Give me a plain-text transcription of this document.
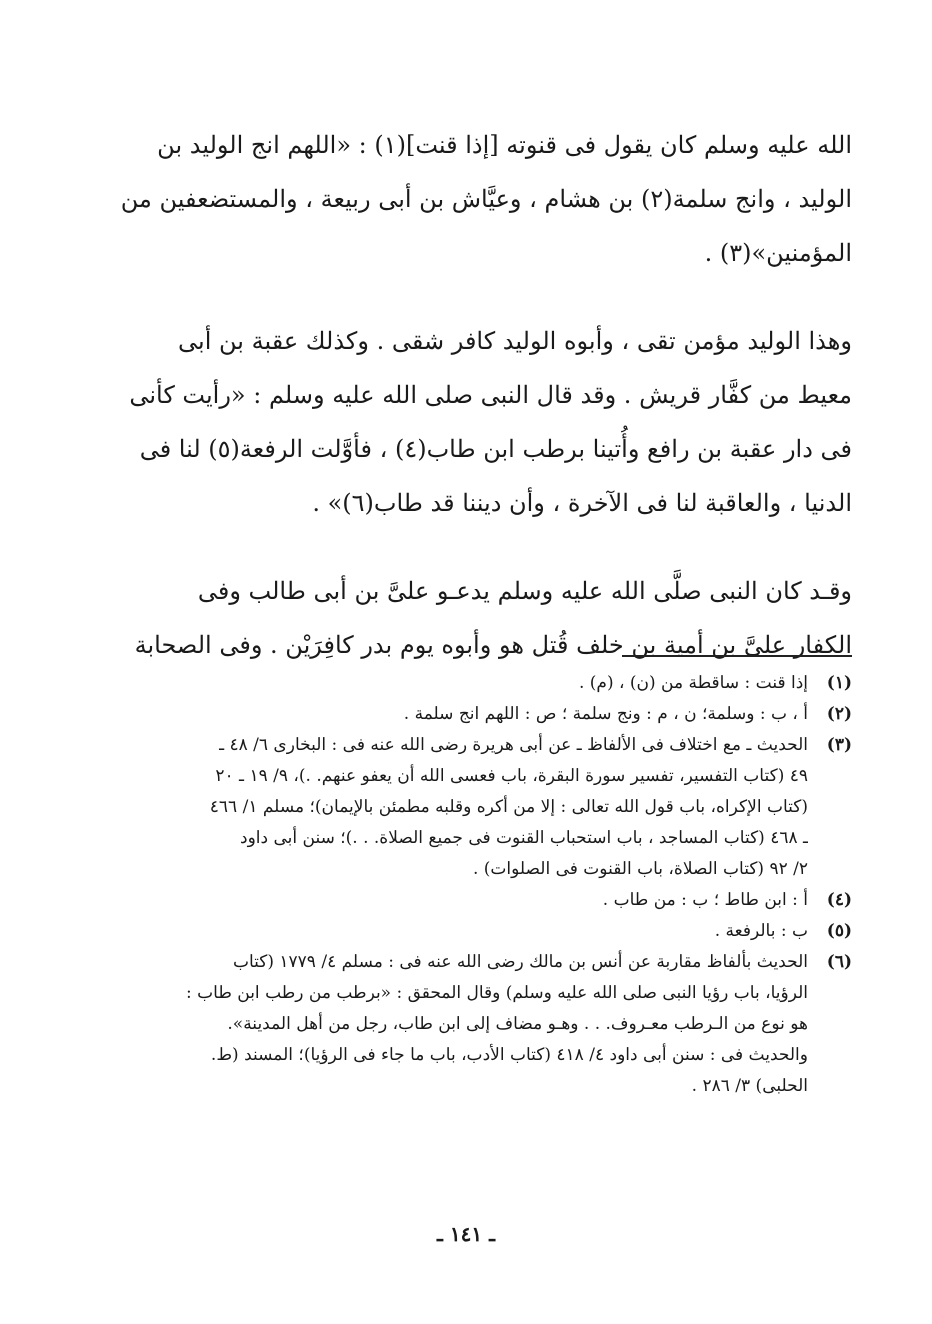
الله عليه وسلم كان يقول فى قنوته [إذا قنت](١) : «اللهم انج الوليد بن

الوليد ، وانج سلمة(٢) بن هشام ، وعيَّاش بن أبى ربيعة ، والمستضعفين من

المؤمنين»(٣) .

وهذا الوليد مؤمن تقى ، وأبوه الوليد كافر شقى . وكذلك عقبة بن أبى

معيط من كفَّار قريش . وقد قال النبى صلى الله عليه وسلم : «رأيت كأنى

فى دار عقبة بن رافع وأُتينا برطب ابن طاب(٤) ، فأوَّلت الرفعة(٥) لنا فى

الدنيا ، والعاقبة لنا فى الآخرة ، وأن ديننا قد طاب(٦)» .

وقـد كان النبى صلَّى الله عليه وسلم يدعـو علىَّ بن أبى طالب وفى

الكفار علىَّ بن أمية بن خلف قُتل هو وأبوه يوم بدر كافِرَيْن . وفى الصحابة

(١)
إذا قنت : ساقطة من (ن) ، (م) .
(٢)
أ ، ب : وسلمة؛ ن ، م : ونج سلمة ؛ ص : اللهم انج سلمة .
(٣)
الحديث ـ مع اختلاف فى الألفاظ ـ عن أبى هريرة رضى الله عنه فى : البخارى ٦/ ٤٨ ـ
٤٩ (كتاب التفسير، تفسير سورة البقرة، باب فعسى الله أن يعفو عنهم. .)، ٩/ ١٩ ـ ٢٠
(كتاب الإكراه، باب قول الله تعالى : إلا من أكره وقلبه مطمئن بالإيمان)؛ مسلم ١/ ٤٦٦
ـ ٤٦٨ (كتاب المساجد ، باب استحباب القنوت فى جميع الصلاة. . .)؛ سنن أبى داود
٢/ ٩٢ (كتاب الصلاة، باب القنوت فى الصلوات) .
(٤)
أ : ابن طاط ؛ ب : من طاب .
(٥)
ب : بالرفعة .
(٦)
الحديث بألفاظ مقاربة عن أنس بن مالك رضى الله عنه فى : مسلم ٤/ ١٧٧٩ (كتاب
الرؤيا، باب رؤيا النبى صلى الله عليه وسلم) وقال المحقق : «برطب من رطب ابن طاب :
هو نوع من الـرطب معـروف. . . وهـو مضاف إلى ابن طاب، رجل من أهل المدينة».
والحديث فى : سنن أبى داود ٤/ ٤١٨ (كتاب الأدب، باب ما جاء فى الرؤيا)؛ المسند (ط.
الحلبى) ٣/ ٢٨٦ .
ـ ١٤١ ـ
